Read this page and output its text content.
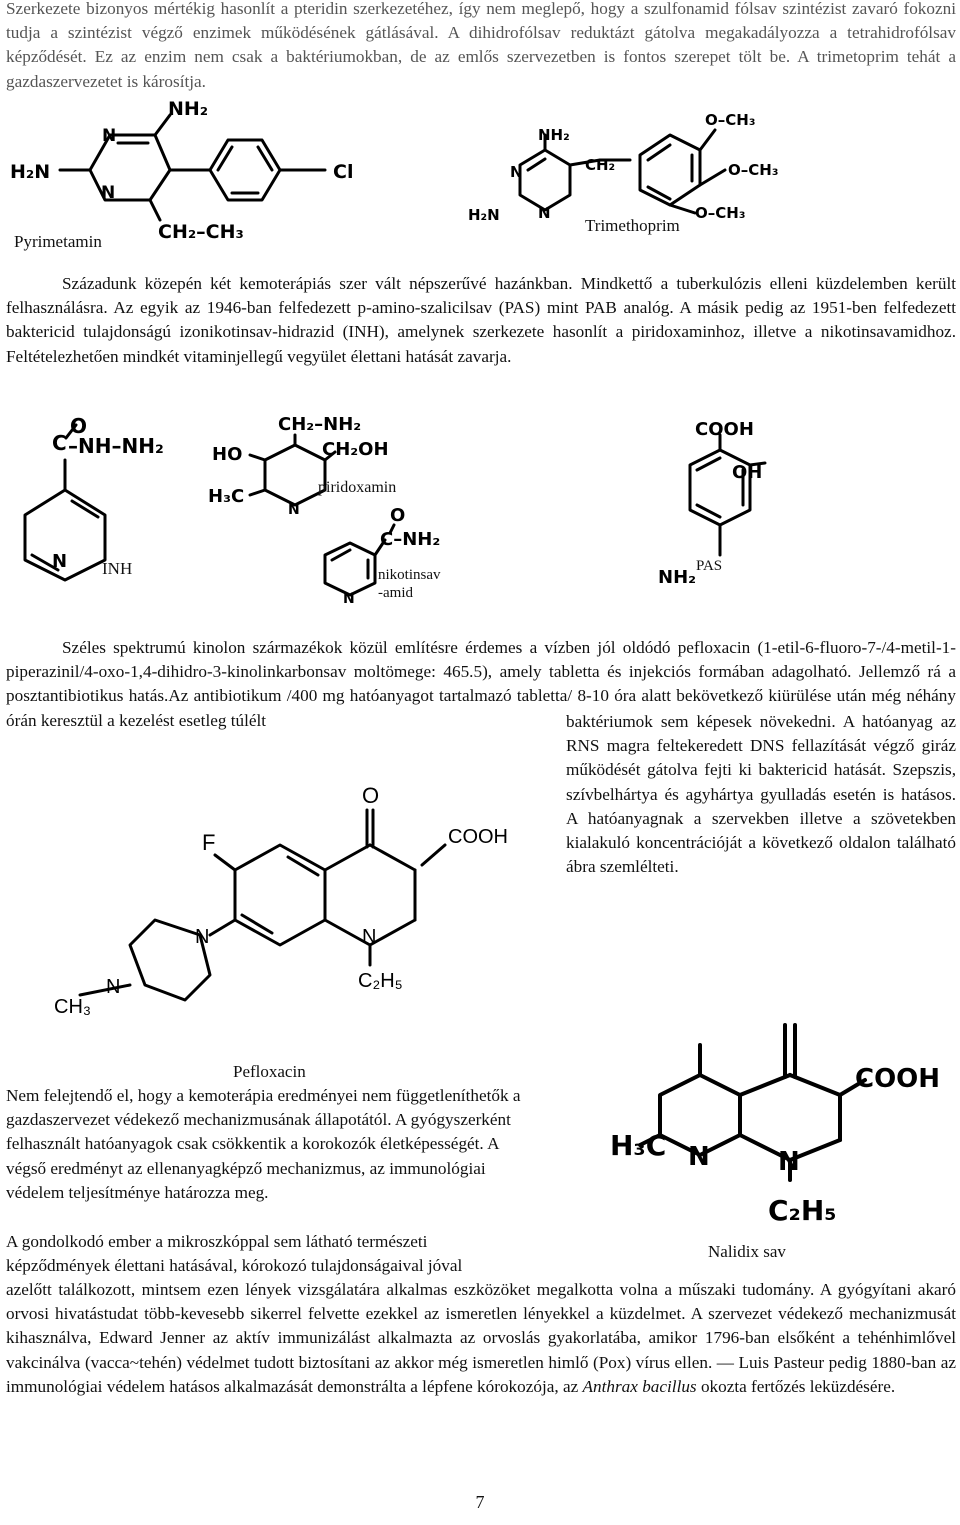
Szerkezete bizonyos mértékig hasonlít a pteridin szerkezetéhez, így nem meglepő, hogy a szulfonamid fólsav szintézist zavaró fokozni tudja a szintézist végző enzimek működésének gátlásával. A dihidrofólsav reduktázt gátolva megakadályozza a tetrahidrofólsav képződését. Ez az enzim nem csak a baktériumokban, de az emlős szervezetben is fontos szerepet tölt be. A trimetoprim tehát a gazdaszervezetet is károsítja.

N
N
NH₂
H₂N	Cl
CH₂–CH₃
Pyrimetamin
N
N
NH₂
H₂N
CH₂
O–CH₃
O–CH₃
O–CH₃
Trimethoprim

Századunk közepén két kemoterápiás szer vált népszerűvé hazánkban. Mindkettő a tuberkulózis elleni küzdelemben került felhasználásra. Az egyik az 1946-ban felfedezett p-amino-szalicilsav (PAS) mint PAB analóg. A másik pedig az 1951-ben felfedezett baktericid tulajdonságú izonikotinsav-hidrazid (INH), amelynek szerkezete hasonlít a piridoxaminhoz, illetve a nikotinsavamidhoz. Feltételezhetően mindkét vitaminjellegű vegyület élettani hatását zavarja.

C
O
–NH–NH₂
N INH
CH₂–NH₂
CH₂OH
HO
H₃C
N
piridoxamin
C–NH₂
O
N
nikotinsav
-amid
COOH
OH
NH₂
PAS

Széles spektrumú kinolon származékok közül említésre érdemes a vízben jól oldódó pefloxacin (1-etil-6-fluoro-7-/4-metil-1-piperazinil/4-oxo-1,4-dihidro-3-kinolinkarbonsav moltömege: 465.5), amely tabletta és injekciós formában adagolható. Jellemző rá a posztantibiotikus hatás.Az antibiotikum /400 mg hatóanyagot tartalmazó tabletta/ 8-10 óra alatt bekövetkező kiürülése után még néhány órán keresztül a kezelést esetleg túlélt	baktériumok sem képesek növekedni. A hatóanyag az RNS magra feltekeredett DNS fellazítását végző giráz működését gátolva fejti ki baktericid hatását. Szepszis, szívbelhártya és agyhártya gyulladás esetén is hatásos. A hatóanyagnak a szervekben illetve a szövetekben kialakuló koncentrációját a következő oldalon található ábra szemlélteti.

F
O
COOH
N
N
N
CH₃
C₂H₅
Pefloxacin

Nem felejtendő el, hogy a kemoterápia eredményei nem függetleníthetők a gazdaszervezet védekező mechanizmusának állapotától. A gyógyszerként felhasznált hatóanyagok csak csökkentik a korokozók életképességét. A végső eredményt az ellenanyagképző mechanizmus, az immunológiai védelem teljesítménye határozza meg.

A gondolkodó ember a mikroszkóppal sem látható természeti

képződmények élettani hatásával, kórokozó tulajdonságaival jóval

COOH
N
N
H₃C
C₂H₅
Nalidix sav

azelőtt találkozott, mintsem ezen lények vizsgálatára alkalmas eszközöket megalkotta volna a műszaki tudomány. A gyógyítani akaró orvosi hivatástudat több-kevesebb sikerrel felvette ezekkel az ismeretlen lényekkel a küzdelmet. A szervezet védekező mechanizmusát kihasználva, Edward Jenner az aktív immunizálást alkalmazta az orvoslás gyakorlatába, amikor 1796-ban elsőként a tehénhimlővel vakcinálva (vacca~tehén) védelmet tudott biztosítani az akkor még ismeretlen himlő (Pox) vírus ellen. — Luis Pasteur pedig 1880-ban az immunológiai védelem hatásos alkalmazását demonstrálta a lépfene kórokozója, az Anthrax bacillus okozta fertőzés leküzdésére.

7
